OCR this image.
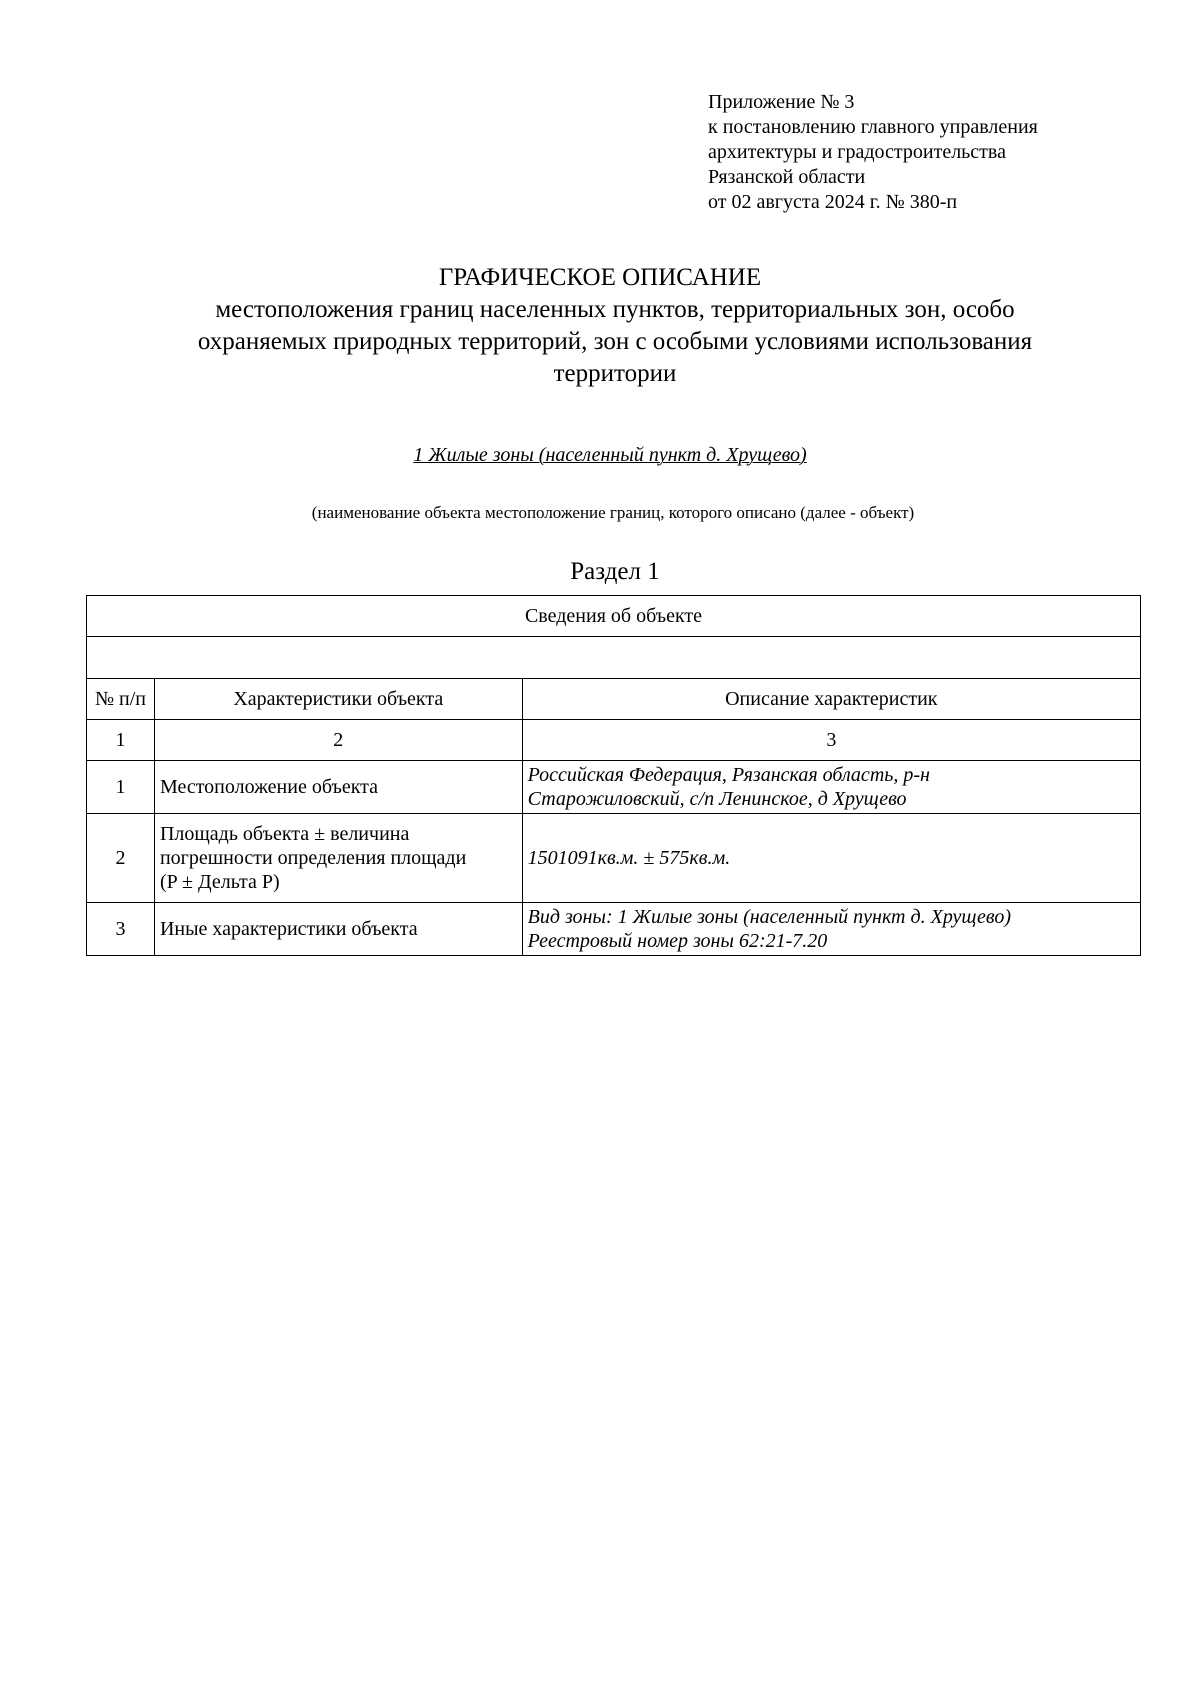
Приложение № 3
к постановлению главного управления
архитектуры и градостроительства
Рязанской области
от 02 августа 2024 г. № 380-п
ГРАФИЧЕСКОЕ ОПИСАНИЕ
местоположения границ населенных пунктов, территориальных зон, особо
охраняемых природных территорий, зон с особыми условиями использования
территории
1 Жилые зоны (населенный пункт д. Хрущево)
(наименование объекта местоположение границ, которого описано (далее - объект)
Раздел 1
Сведения об объекте		

№ п/п	Характеристики объекта	Описание характеристик
1	2	3
1	Местоположение объекта	Российская Федерация, Рязанская область, р-н
Старожиловский, с/п Ленинское, д Хрущево

2	Площадь объекта ± величина
погрешности определения площади
(P ± Дельта P)	1501091кв.м. ± 575кв.м.
3	Иные характеристики объекта	Вид зоны: 1 Жилые зоны (населенный пункт д. Хрущево)
Реестровый номер зоны 62:21-7.20
